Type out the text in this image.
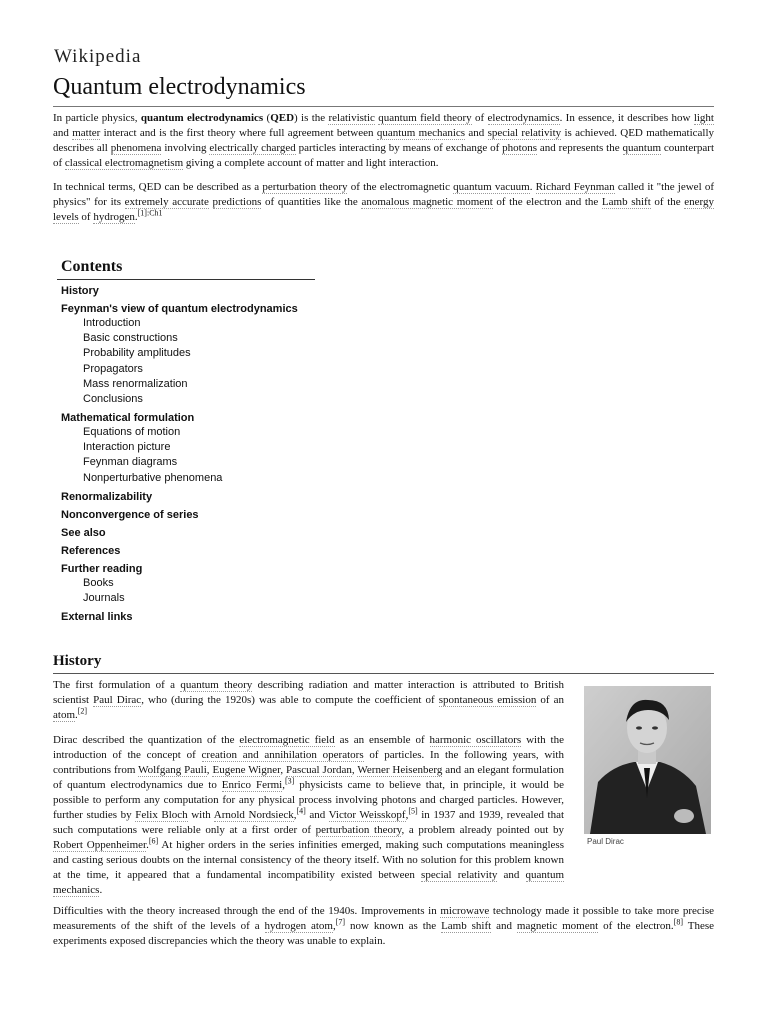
Wikipedia
Quantum electrodynamics

In particle physics, quantum electrodynamics (QED) is the relativistic quantum field theory of electrodynamics. In essence, it describes how light and matter interact and is the first theory where full agreement between quantum mechanics and special relativity is achieved. QED mathematically describes all phenomena involving electrically charged particles interacting by means of exchange of photons and represents the quantum counterpart of classical electromagnetism giving a complete account of matter and light interaction.

In technical terms, QED can be described as a perturbation theory of the electromagnetic quantum vacuum. Richard Feynman called it "the jewel of physics" for its extremely accurate predictions of quantities like the anomalous magnetic moment of the electron and the Lamb shift of the energy levels of hydrogen.$^{[1]:Ch1}$

Contents
History
Feynman's view of quantum electrodynamics
Introduction
Basic constructions
Probability amplitudes
Propagators
Mass renormalization
Conclusions
Mathematical formulation
Equations of motion
Interaction picture
Feynman diagrams
Nonperturbative phenomena
Renormalizability
Nonconvergence of series
See also
References
Further reading
Books
Journals
External links
History

The first formulation of a quantum theory describing radiation and matter interaction is attributed to British scientist Paul Dirac, who (during the 1920s) was able to compute the coefficient of spontaneous emission of an atom.[2]

Dirac described the quantization of the electromagnetic field as an ensemble of harmonic oscillators with the introduction of the concept of creation and annihilation operators of particles. In the following years, with contributions from Wolfgang Pauli, Eugene Wigner, Pascual Jordan, Werner Heisenberg and an elegant formulation of quantum electrodynamics due to Enrico Fermi,[3] physicists came to believe that, in principle, it would be possible to perform any computation for any physical process involving photons and charged particles. However, further studies by Felix Bloch with Arnold Nordsieck,[4] and Victor Weisskopf,[5] in 1937 and 1939, revealed that such computations were reliable only at a first order of perturbation theory, a problem already pointed out by Robert Oppenheimer.[6] At higher orders in the series infinities emerged, making such computations meaningless and casting serious doubts on the internal consistency of the theory itself. With no solution for this problem known at the time, it appeared that a fundamental incompatibility existed between special relativity and quantum mechanics.

Difficulties with the theory increased through the end of the 1940s. Improvements in microwave technology made it possible to take more precise measurements of the shift of the levels of a hydrogen atom,[7] now known as the Lamb shift and magnetic moment of the electron.[8] These experiments exposed discrepancies which the theory was unable to explain.

Paul Dirac
